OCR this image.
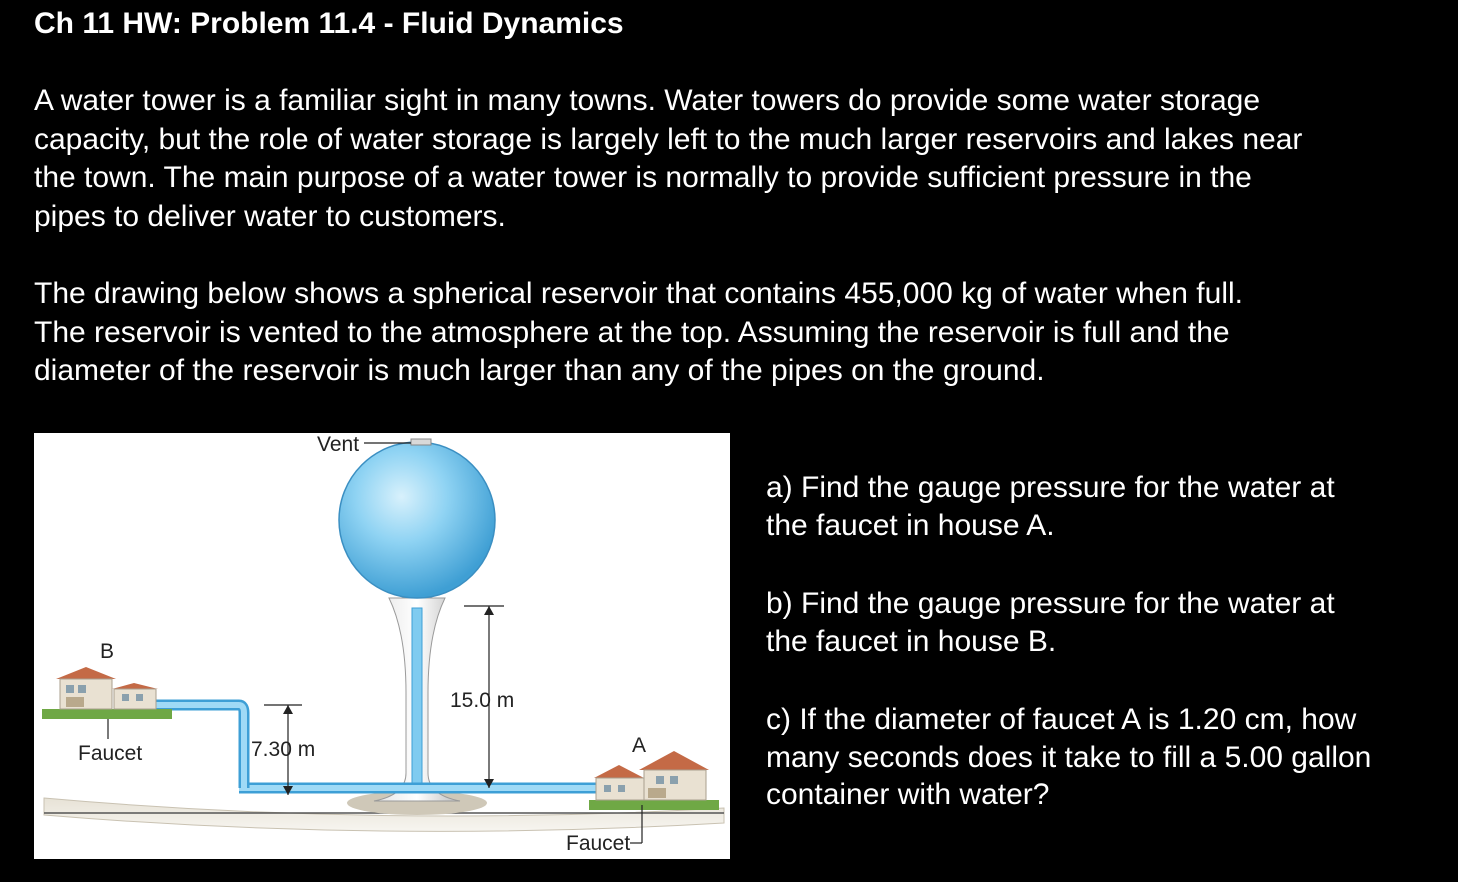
Ch 11 HW: Problem 11.4 - Fluid Dynamics
A water tower is a familiar sight in many towns. Water towers do provide some water storage
capacity, but the role of water storage is largely left to the much larger reservoirs and lakes near
the town. The main purpose of a water tower is normally to provide sufficient pressure in the
pipes to deliver water to customers.
The drawing below shows a spherical reservoir that contains 455,000 kg of water when full.
The reservoir is vented to the atmosphere at the top. Assuming the reservoir is full and the
diameter of the reservoir is much larger than any of the pipes on the ground.
Vent
B
A
Faucet
Faucet
15.0 m
7.30 m
a) Find the gauge pressure for the water at
the faucet in house A.
b) Find the gauge pressure for the water at
the faucet in house B.
c) If the diameter of faucet A is 1.20 cm, how
many seconds does it take to fill a 5.00 gallon
container with water?
